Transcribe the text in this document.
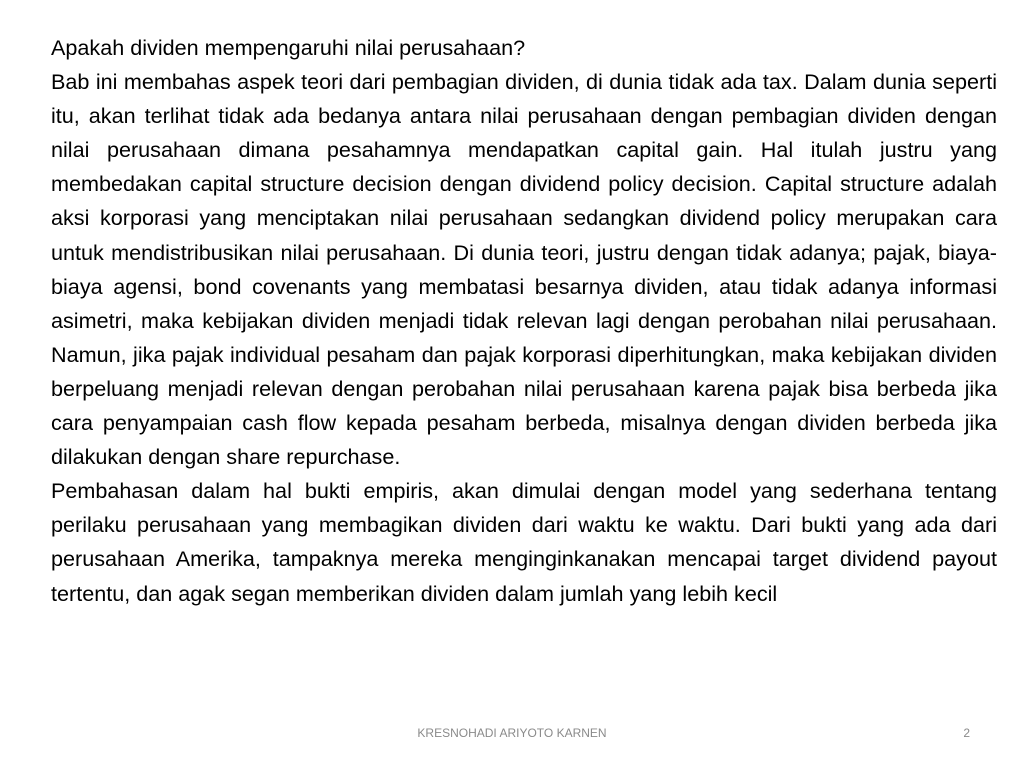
Apakah dividen mempengaruhi nilai perusahaan?

Bab ini membahas aspek teori dari pembagian dividen, di dunia tidak ada tax. Dalam dunia seperti itu, akan terlihat tidak ada bedanya antara nilai perusahaan dengan pembagian dividen dengan nilai perusahaan dimana pesahamnya mendapatkan capital gain. Hal itulah justru yang membedakan capital structure decision dengan dividend policy decision. Capital structure adalah aksi korporasi yang menciptakan nilai perusahaan sedangkan dividend policy merupakan cara untuk mendistribusikan nilai perusahaan. Di dunia teori, justru dengan tidak adanya; pajak, biaya-biaya agensi, bond covenants yang membatasi besarnya dividen, atau tidak adanya informasi asimetri, maka kebijakan dividen menjadi tidak relevan lagi dengan perobahan nilai perusahaan. Namun, jika pajak individual pesaham dan pajak korporasi diperhitungkan, maka kebijakan dividen berpeluang menjadi relevan dengan perobahan nilai perusahaan karena pajak bisa berbeda jika cara penyampaian cash flow kepada pesaham berbeda, misalnya dengan dividen berbeda jika dilakukan dengan share repurchase.

Pembahasan dalam hal bukti empiris, akan dimulai dengan model yang sederhana tentang perilaku perusahaan yang membagikan dividen dari waktu ke waktu. Dari bukti yang ada dari perusahaan Amerika, tampaknya mereka menginginkanakan mencapai target dividend payout tertentu, dan agak segan memberikan dividen dalam jumlah yang lebih kecil

KRESNOHADI ARIYOTO KARNEN	2
